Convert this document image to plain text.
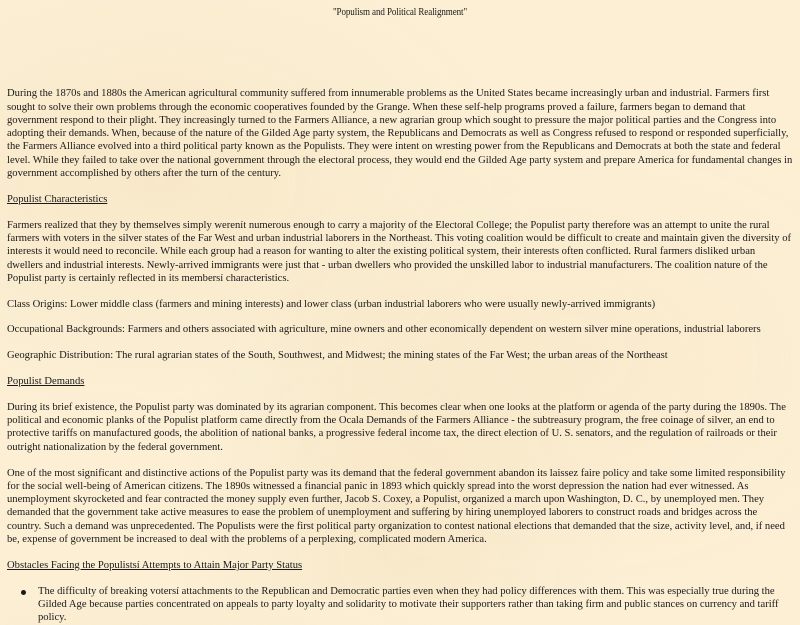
"Populism and Political Realignment"

During the 1870s and 1880s the American agricultural community suffered from innumerable problems as the United States became increasingly urban and industrial. Farmers first sought to solve their own problems through the economic cooperatives founded by the Grange. When these self-help programs proved a failure, farmers began to demand that government respond to their plight. They increasingly turned to the Farmers Alliance, a new agrarian group which sought to pressure the major political parties and the Congress into adopting their demands. When, because of the nature of the Gilded Age party system, the Republicans and Democrats as well as Congress refused to respond or responded superficially, the Farmers Alliance evolved into a third political party known as the Populists. They were intent on wresting power from the Republicans and Democrats at both the state and federal level. While they failed to take over the national government through the electoral process, they would end the Gilded Age party system and prepare America for fundamental changes in government accomplished by others after the turn of the century.

Populist Characteristics

Farmers realized that they by themselves simply werenít numerous enough to carry a majority of the Electoral College; the Populist party therefore was an attempt to unite the rural farmers with voters in the silver states of the Far West and urban industrial laborers in the Northeast. This voting coalition would be difficult to create and maintain given the diversity of interests it would need to reconcile. While each group had a reason for wanting to alter the existing political system, their interests often conflicted. Rural farmers disliked urban dwellers and industrial interests. Newly-arrived immigrants were just that - urban dwellers who provided the unskilled labor to industrial manufacturers. The coalition nature of the Populist party is certainly reflected in its membersí characteristics.

Class Origins: Lower middle class (farmers and mining interests) and lower class (urban industrial laborers who were usually newly-arrived immigrants)

Occupational Backgrounds: Farmers and others associated with agriculture, mine owners and other economically dependent on western silver mine operations, industrial laborers

Geographic Distribution: The rural agrarian states of the South, Southwest, and Midwest; the mining states of the Far West; the urban areas of the Northeast

Populist Demands

During its brief existence, the Populist party was dominated by its agrarian component. This becomes clear when one looks at the platform or agenda of the party during the 1890s. The political and economic planks of the Populist platform came directly from the Ocala Demands of the Farmers Alliance - the subtreasury program, the free coinage of silver, an end to protective tariffs on manufactured goods, the abolition of national banks, a progressive federal income tax, the direct election of U. S. senators, and the regulation of railroads or their outright nationalization by the federal government.

One of the most significant and distinctive actions of the Populist party was its demand that the federal government abandon its laissez faire policy and take some limited responsibility for the social well-being of American citizens. The 1890s witnessed a financial panic in 1893 which quickly spread into the worst depression the nation had ever witnessed. As unemployment skyrocketed and fear contracted the money supply even further, Jacob S. Coxey, a Populist, organized a march upon Washington, D. C., by unemployed men. They demanded that the government take active measures to ease the problem of unemployment and suffering by hiring unemployed laborers to construct roads and bridges across the country. Such a demand was unprecedented. The Populists were the first political party organization to contest national elections that demanded that the size, activity level, and, if need be, expense of government be increased to deal with the problems of a perplexing, complicated modern America.

Obstacles Facing the Populistsí Attempts to Attain Major Party Status
The difficulty of breaking votersí attachments to the Republican and Democratic parties even when they had policy differences with them. This was especially true during the Gilded Age because parties concentrated on appeals to party loyalty and solidarity to motivate their supporters rather than taking firm and public stances on currency and tariff policy.
